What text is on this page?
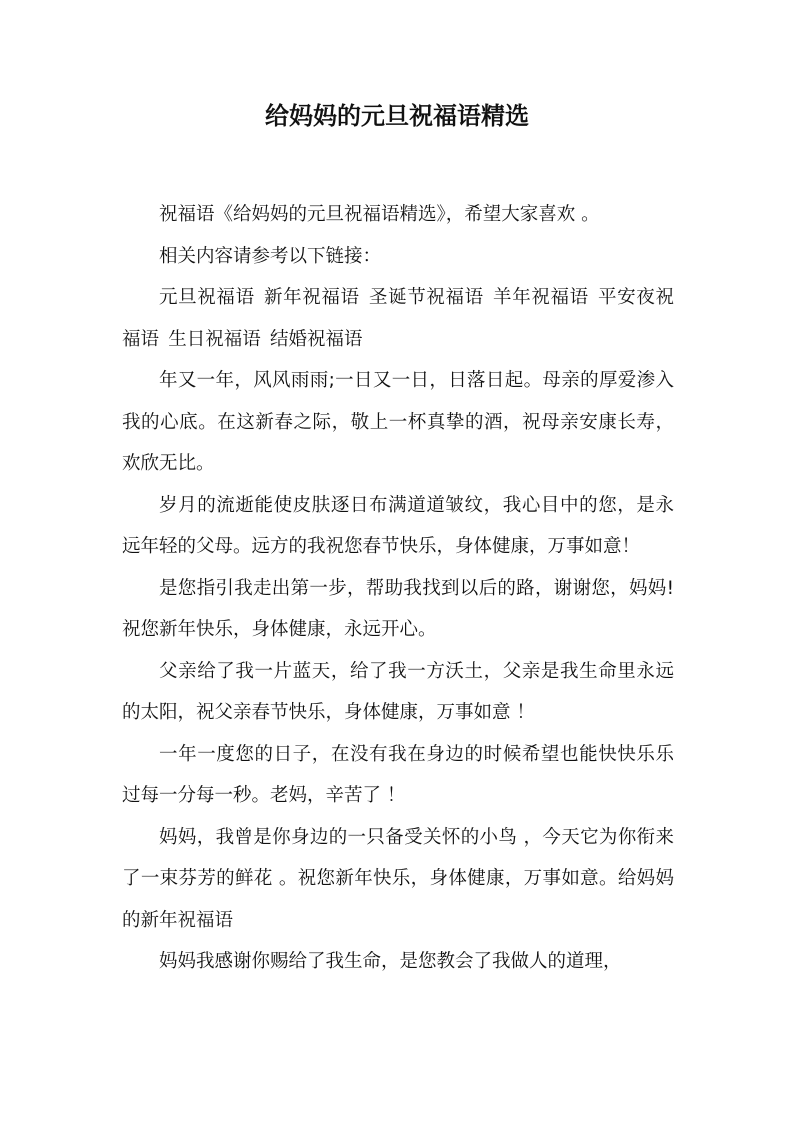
给妈妈的元旦祝福语精选

祝福语《给妈妈的元旦祝福语精选》，希望大家喜欢 。

相关内容请参考以下链接：

元旦祝福语 新年祝福语 圣诞节祝福语 羊年祝福语 平安夜祝福语 生日祝福语 结婚祝福语

年又一年，风风雨雨;一日又一日，日落日起。母亲的厚爱渗入我的心底。在这新春之际，敬上一杯真挚的酒，祝母亲安康长寿，欢欣无比。

岁月的流逝能使皮肤逐日布满道道皱纹，我心目中的您，是永远年轻的父母。远方的我祝您春节快乐，身体健康，万事如意！

是您指引我走出第一步，帮助我找到以后的路，谢谢您，妈妈!祝您新年快乐，身体健康，永远开心。

父亲给了我一片蓝天，给了我一方沃土，父亲是我生命里永远的太阳，祝父亲春节快乐，身体健康，万事如意 ！

一年一度您的日子，在没有我在身边的时候希望也能快快乐乐过每一分每一秒。老妈，辛苦了 ！

妈妈，我曾是你身边的一只备受关怀的小鸟 ，今天它为你衔来了一束芬芳的鲜花 。祝您新年快乐，身体健康，万事如意。给妈妈的新年祝福语

妈妈我感谢你赐给了我生命，是您教会了我做人的道理，
